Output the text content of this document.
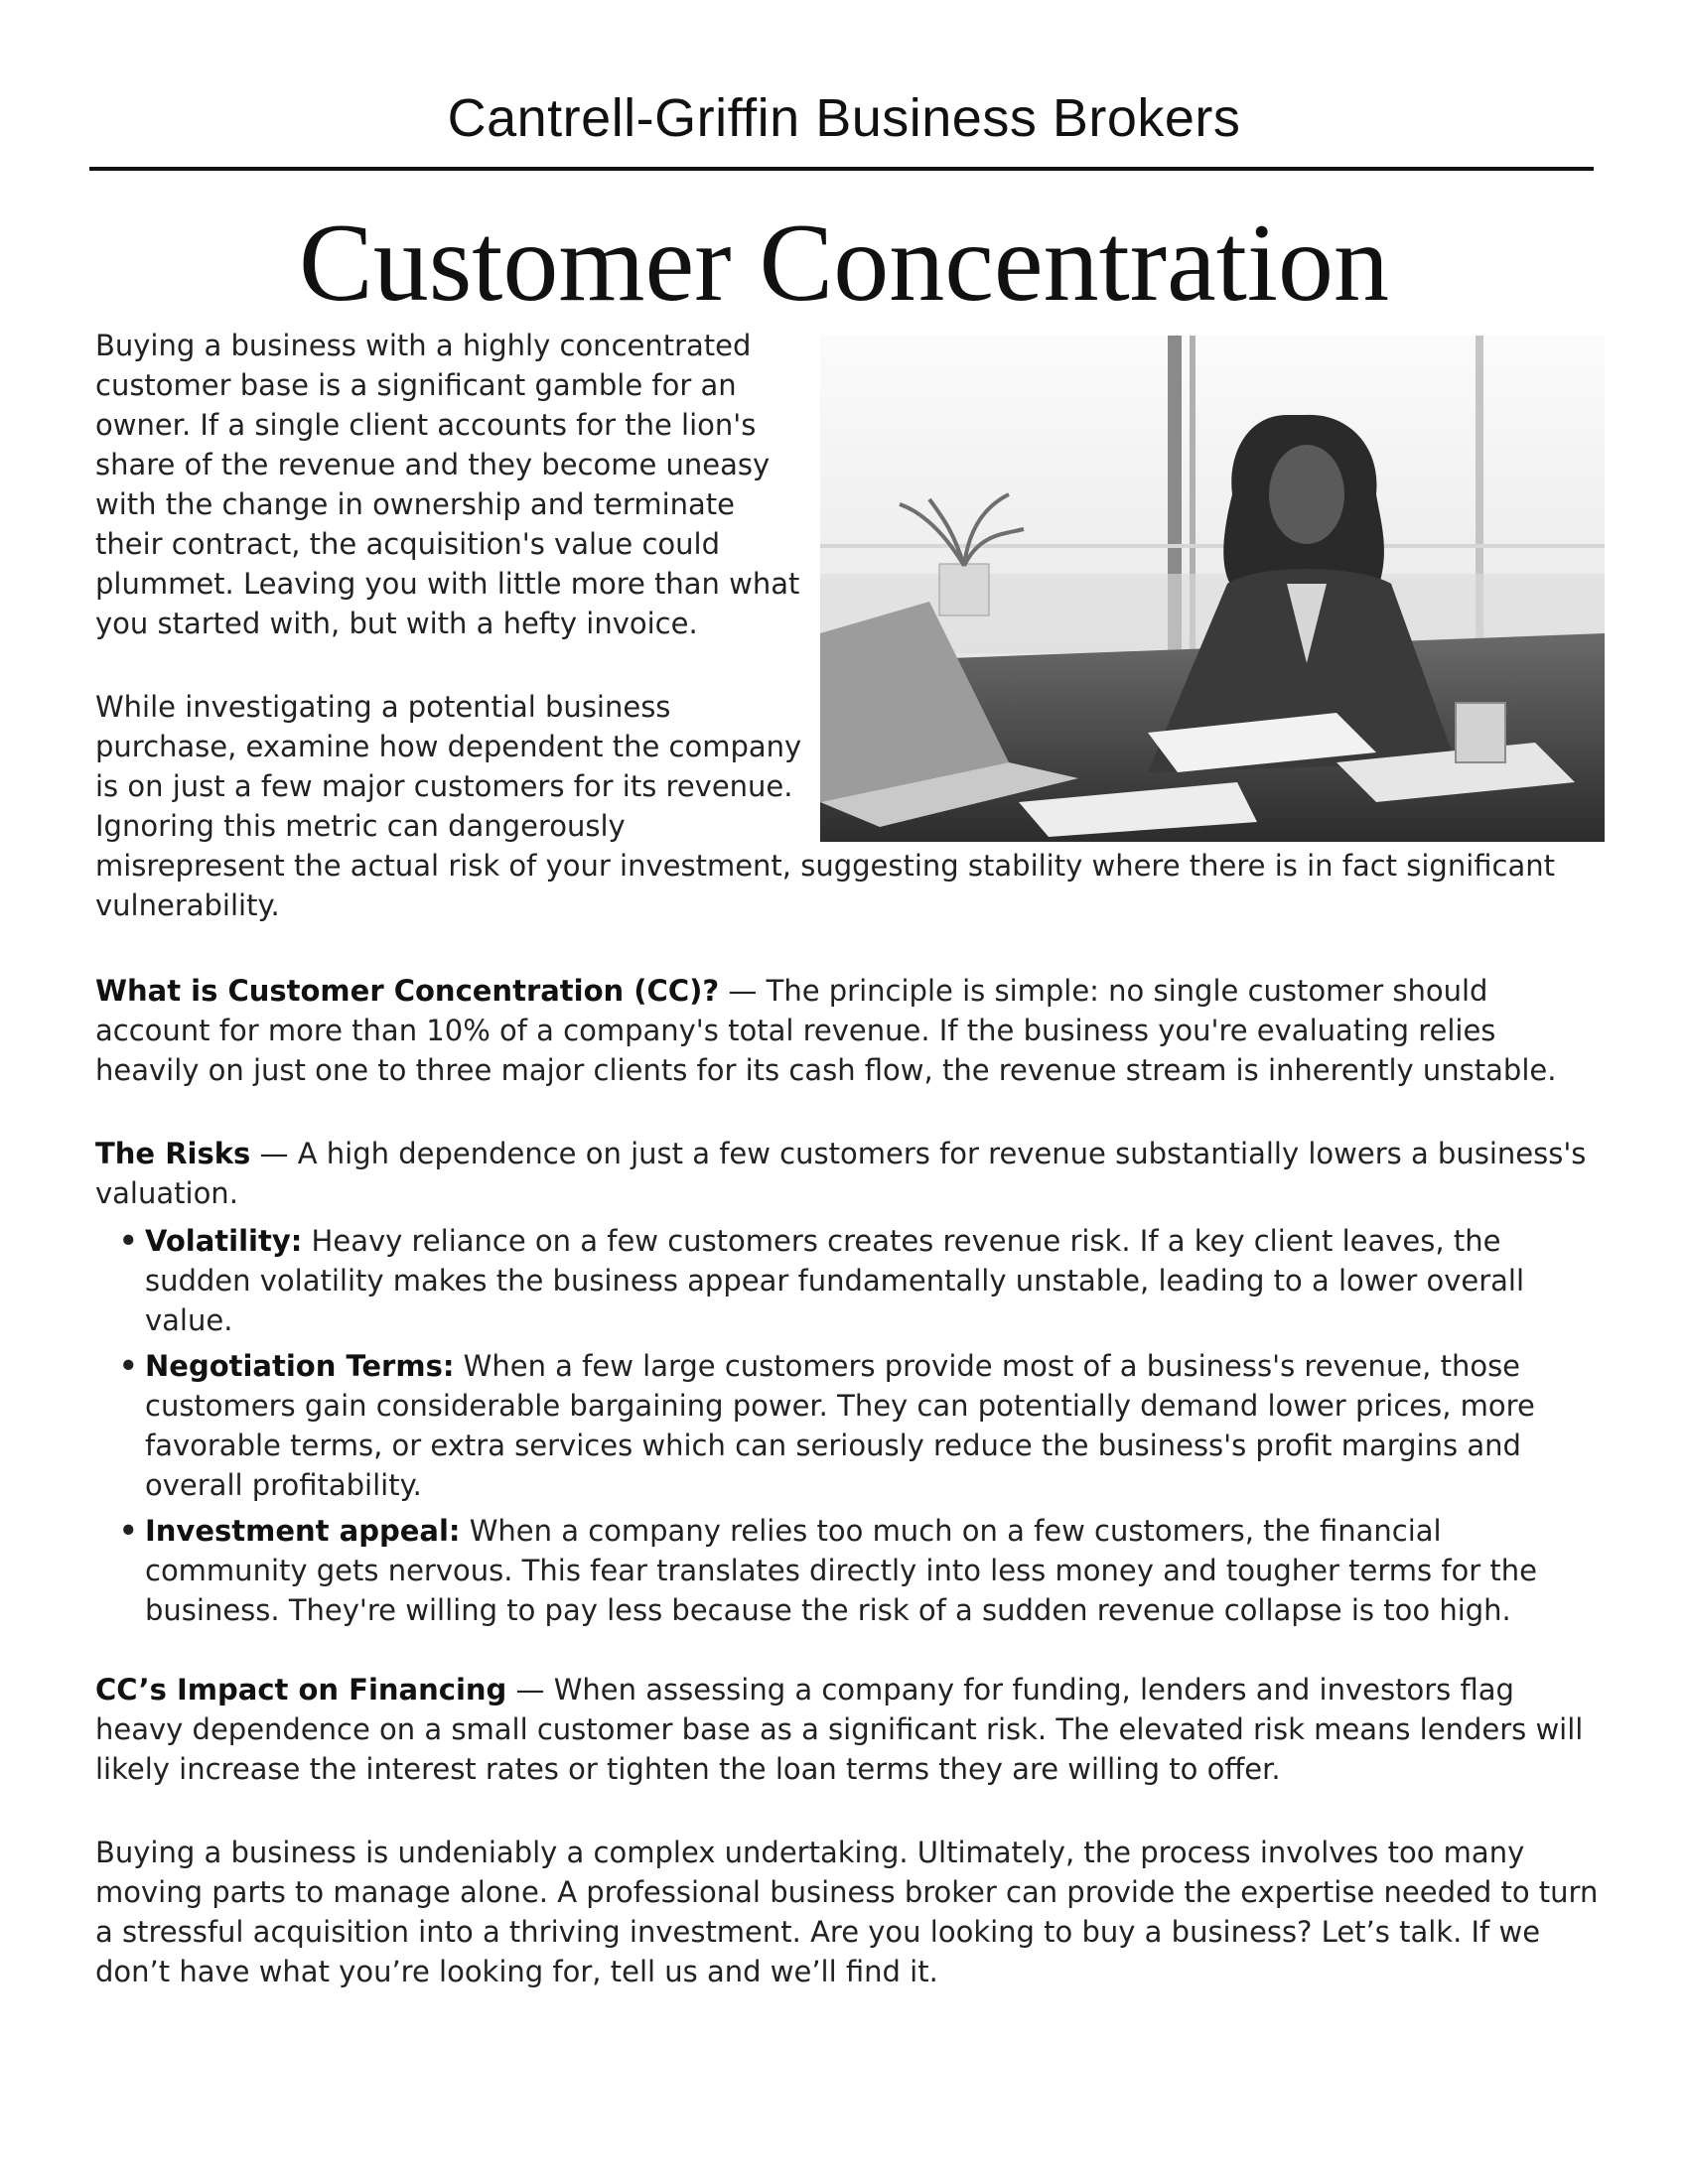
Cantrell-Griffin Business Brokers
Customer Concentration

Buying a business with a highly concentrated customer base is a significant gamble for an owner. If a single client accounts for the lion's share of the revenue and they become uneasy with the change in ownership and terminate their contract, the acquisition's value could plummet. Leaving you with little more than what you started with, but with a hefty invoice.

While investigating a potential business purchase, examine how dependent the company is on just a few major customers for its revenue. Ignoring this metric can dangerously misrepresent the actual risk of your investment, suggesting stability where there is in fact significant vulnerability.

What is Customer Concentration (CC)? — The principle is simple: no single customer should account for more than 10% of a company's total revenue. If the business you're evaluating relies heavily on just one to three major clients for its cash flow, the revenue stream is inherently unstable.

The Risks — A high dependence on just a few customers for revenue substantially lowers a business's valuation.

• Volatility: Heavy reliance on a few customers creates revenue risk. If a key client leaves, the sudden volatility makes the business appear fundamentally unstable, leading to a lower overall value.
• Negotiation Terms: When a few large customers provide most of a business's revenue, those customers gain considerable bargaining power. They can potentially demand lower prices, more favorable terms, or extra services which can seriously reduce the business's profit margins and overall profitability.
• Investment appeal: When a company relies too much on a few customers, the financial community gets nervous. This fear translates directly into less money and tougher terms for the business. They're willing to pay less because the risk of a sudden revenue collapse is too high.

CC’s Impact on Financing — When assessing a company for funding, lenders and investors flag heavy dependence on a small customer base as a significant risk. The elevated risk means lenders will likely increase the interest rates or tighten the loan terms they are willing to offer.

Buying a business is undeniably a complex undertaking. Ultimately, the process involves too many moving parts to manage alone. A professional business broker can provide the expertise needed to turn a stressful acquisition into a thriving investment. Are you looking to buy a business? Let’s talk. If we don’t have what you’re looking for, tell us and we’ll find it.
